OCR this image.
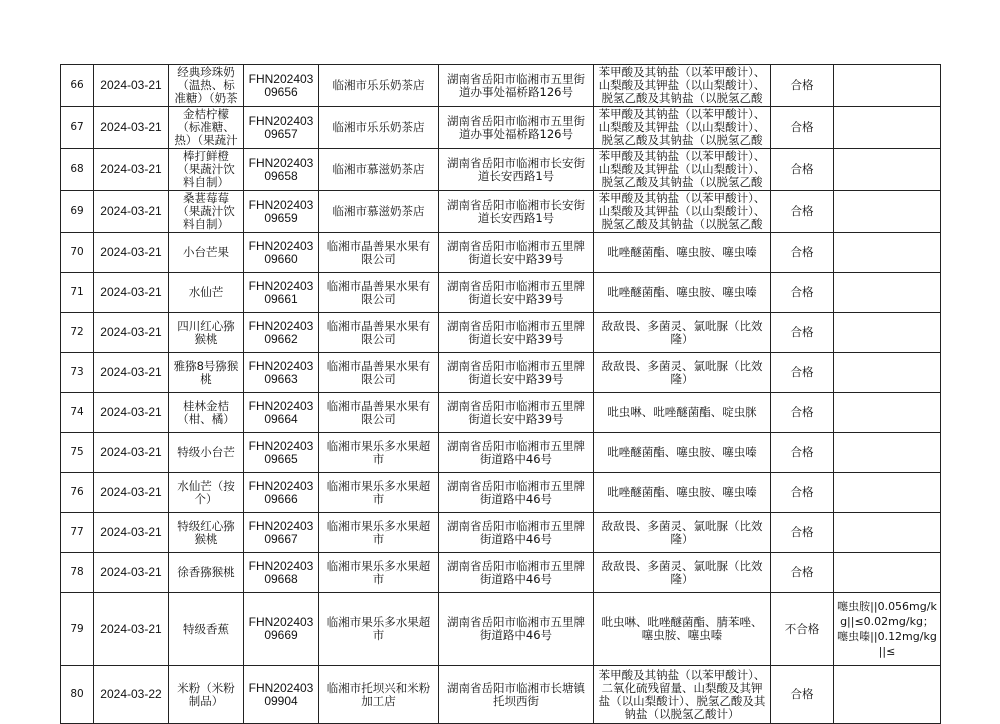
66	2024-03-21	经典珍珠奶（温热、标准糖）（奶茶	FHN20240309656	临湘市乐乐奶茶店	湖南省岳阳市临湘市五里街道办事处福桥路126号	苯甲酸及其钠盐（以苯甲酸计）、山梨酸及其钾盐（以山梨酸计）、脱氢乙酸及其钠盐（以脱氢乙酸	合格	
67	2024-03-21	金桔柠檬（标准糖、热）（果蔬汁	FHN20240309657	临湘市乐乐奶茶店	湖南省岳阳市临湘市五里街道办事处福桥路126号	苯甲酸及其钠盐（以苯甲酸计）、山梨酸及其钾盐（以山梨酸计）、脱氢乙酸及其钠盐（以脱氢乙酸	合格	
68	2024-03-21	棒打鲜橙（果蔬汁饮料自制）	FHN20240309658	临湘市慕滋奶茶店	湖南省岳阳市临湘市长安街道长安西路1号	苯甲酸及其钠盐（以苯甲酸计）、山梨酸及其钾盐（以山梨酸计）、脱氢乙酸及其钠盐（以脱氢乙酸	合格	
69	2024-03-21	桑葚莓莓（果蔬汁饮料自制）	FHN20240309659	临湘市慕滋奶茶店	湖南省岳阳市临湘市长安街道长安西路1号	苯甲酸及其钠盐（以苯甲酸计）、山梨酸及其钾盐（以山梨酸计）、脱氢乙酸及其钠盐（以脱氢乙酸	合格	
70	2024-03-21	小台芒果	FHN20240309660	临湘市晶善果水果有限公司	湖南省岳阳市临湘市五里牌街道长安中路39号	吡唑醚菌酯、噻虫胺、噻虫嗪	合格	
71	2024-03-21	水仙芒	FHN20240309661	临湘市晶善果水果有限公司	湖南省岳阳市临湘市五里牌街道长安中路39号	吡唑醚菌酯、噻虫胺、噻虫嗪	合格	
72	2024-03-21	四川红心猕猴桃	FHN20240309662	临湘市晶善果水果有限公司	湖南省岳阳市临湘市五里牌街道长安中路39号	敌敌畏、多菌灵、氯吡脲（比效隆）	合格	
73	2024-03-21	雅猕8号猕猴桃	FHN20240309663	临湘市晶善果水果有限公司	湖南省岳阳市临湘市五里牌街道长安中路39号	敌敌畏、多菌灵、氯吡脲（比效隆）	合格	
74	2024-03-21	桂林金桔（柑、橘）	FHN20240309664	临湘市晶善果水果有限公司	湖南省岳阳市临湘市五里牌街道长安中路39号	吡虫啉、吡唑醚菌酯、啶虫脒	合格	
75	2024-03-21	特级小台芒	FHN20240309665	临湘市果乐多水果超市	湖南省岳阳市临湘市五里牌街道路中46号	吡唑醚菌酯、噻虫胺、噻虫嗪	合格	
76	2024-03-21	水仙芒（按个）	FHN20240309666	临湘市果乐多水果超市	湖南省岳阳市临湘市五里牌街道路中46号	吡唑醚菌酯、噻虫胺、噻虫嗪	合格	
77	2024-03-21	特级红心猕猴桃	FHN20240309667	临湘市果乐多水果超市	湖南省岳阳市临湘市五里牌街道路中46号	敌敌畏、多菌灵、氯吡脲（比效隆）	合格	
78	2024-03-21	徐香猕猴桃	FHN20240309668	临湘市果乐多水果超市	湖南省岳阳市临湘市五里牌街道路中46号	敌敌畏、多菌灵、氯吡脲（比效隆）	合格	
79	2024-03-21	特级香蕉	FHN20240309669	临湘市果乐多水果超市	湖南省岳阳市临湘市五里牌街道路中46号	吡虫啉、吡唑醚菌酯、腈苯唑、噻虫胺、噻虫嗪	不合格	噻虫胺||0.056mg/kg||≤0.02mg/kg；噻虫嗪||0.12mg/kg||≤
80	2024-03-22	米粉（米粉制品）	FHN20240309904	临湘市托坝兴和米粉加工店	湖南省岳阳市临湘市长塘镇托坝西街	苯甲酸及其钠盐（以苯甲酸计）、二氧化硫残留量、山梨酸及其钾盐（以山梨酸计）、脱氢乙酸及其钠盐（以脱氢乙酸计）	合格	
